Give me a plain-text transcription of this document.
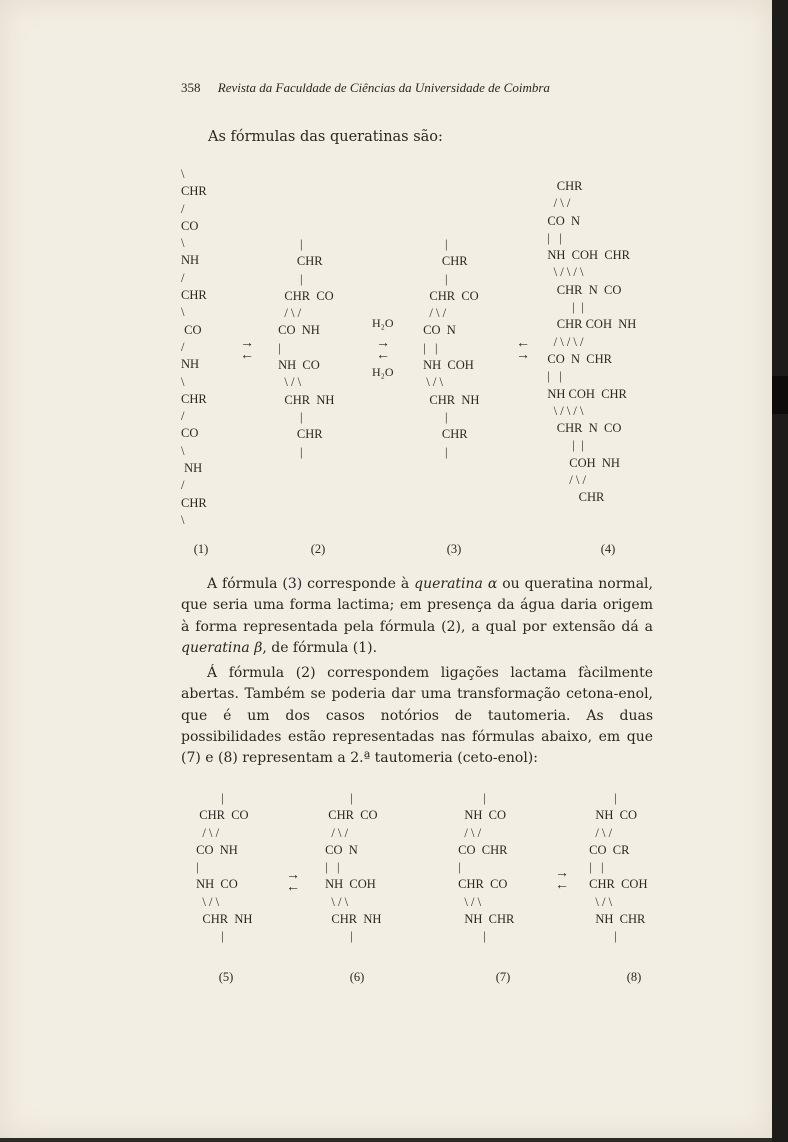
358 Revista da Faculdade de Ciências da Universidade de Coimbra
As fórmulas das queratinas são:
\
CHR
/
CO
\
NH
/
CHR
\
CO
/
NH
\
CHR
/
CO
\
NH
/
CHR
\
|
CHR
|
CHR  CO
/ \ /
CO  NH
|
NH  CO
\ / \
CHR  NH
|
CHR
|
|
CHR
|
CHR  CO
/ \ /
CO  N
|   |
NH  COH
\ / \
CHR  NH
|
CHR
|
CHR
/ \ /
CO  N
|   |
NH  COH  CHR
\ / \ / \
CHR  N  CO
|  |
CHR COH  NH
/ \ / \ /
CO  N  CHR
|   |
NH COH  CHR
\ / \ / \
CHR  N  CO
|  |
COH  NH
/ \ /
CHR
→
←
H₂O
→
←
H₂O
←
→
(1)	(2)	(3)	(4)

A fórmula (3) corresponde à queratina α ou queratina normal, que seria uma forma lactima; em presença da água daria origem à forma representada pela fórmula (2), a qual por extensão dá a queratina β, de fórmula (1).

Á fórmula (2) correspondem ligações lactama fàcilmente abertas. Também se poderia dar uma transformação cetona-enol, que é um dos casos notórios de tautomeria. As duas possibilidades estão representadas nas fórmulas abaixo, em que (7) e (8) representam a 2.ª tautomeria (ceto-enol):

|
CHR  CO
/ \ /
CO  NH
|
NH  CO
\ / \
CHR  NH
|
|
CHR  CO
/ \ /
CO  N
|   |
NH  COH
\ / \
CHR  NH
|
|
NH  CO
/ \ /
CO  CHR
|
CHR  CO
\ / \
NH  CHR
|
|
NH  CO
/ \ /
CO  CR
|   |
CHR  COH
\ / \
NH  CHR
|
→
←
→
←
(5)	(6)	(7)	(8)
